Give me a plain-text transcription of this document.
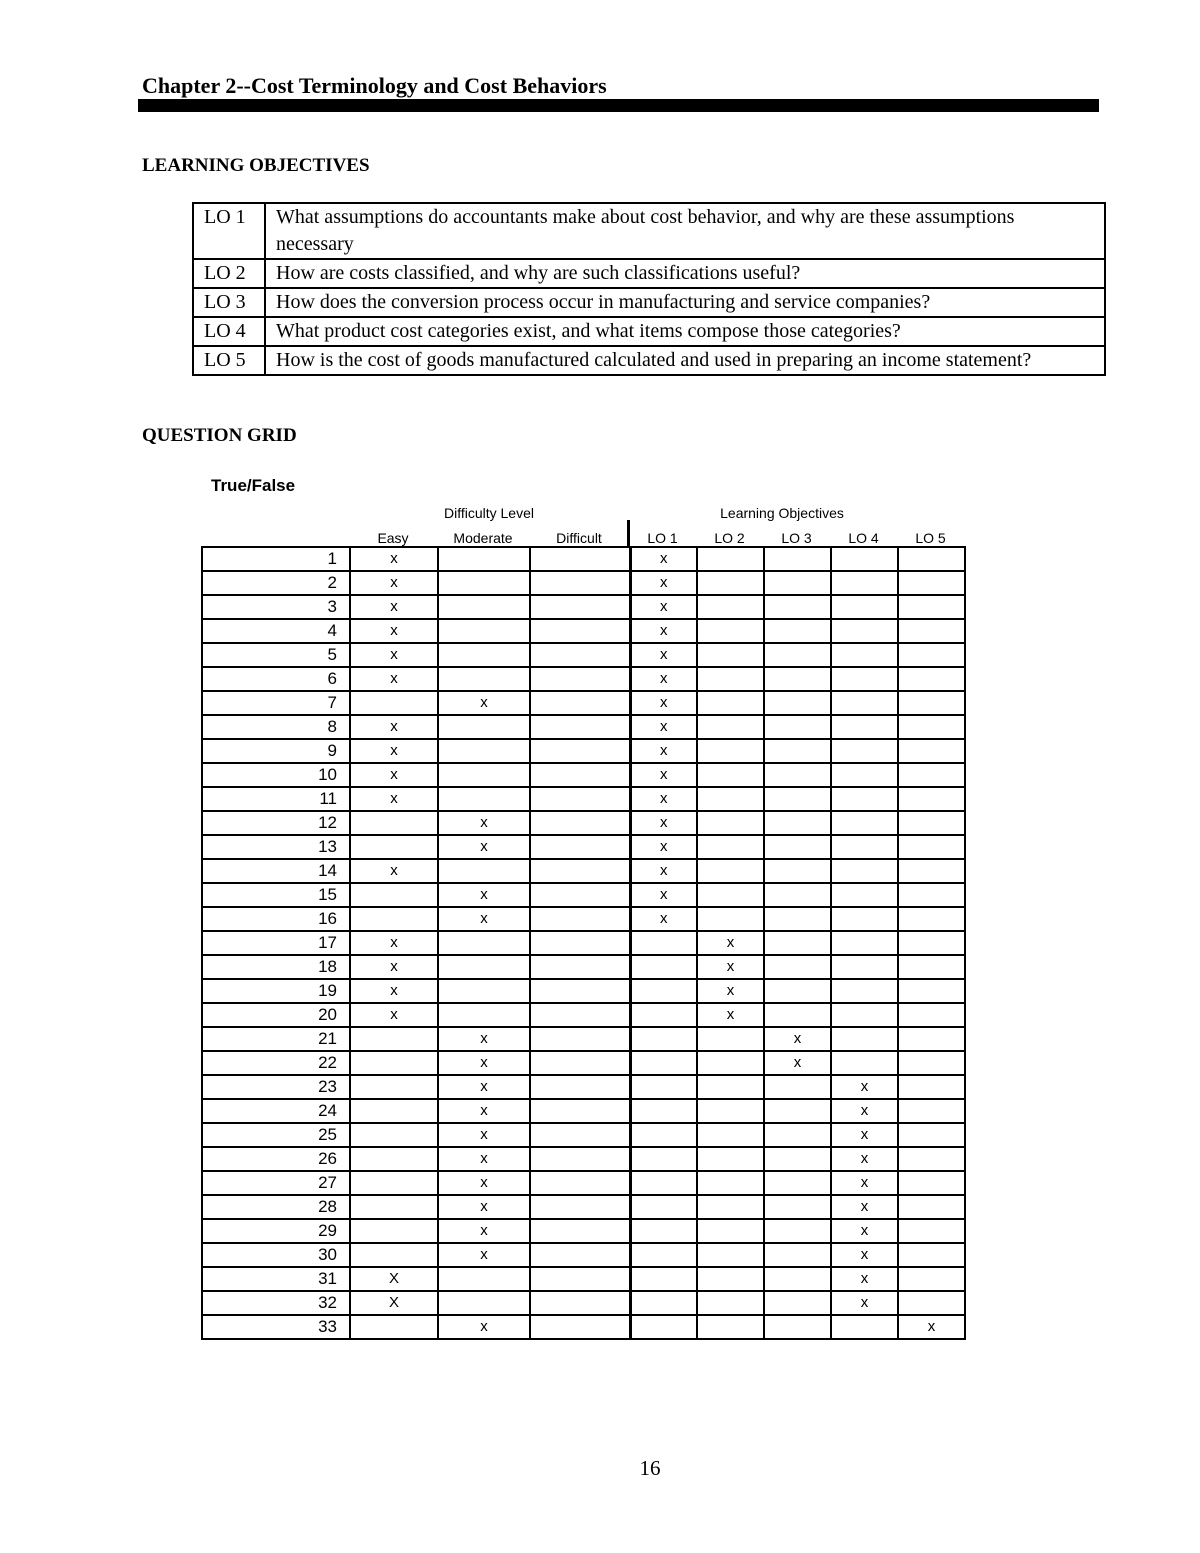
Chapter 2--Cost Terminology and Cost Behaviors
LEARNING OBJECTIVES
LO 1	What assumptions do accountants make about cost behavior, and why are these assumptions necessary
LO 2	How are costs classified, and why are such classifications useful?
LO 3	How does the conversion process occur in manufacturing and service companies?
LO 4	What product cost categories exist, and what items compose those categories?
LO 5	How is the cost of goods manufactured calculated and used in preparing an income statement?
QUESTION GRID
True/False
Difficulty Level	Learning Objectives
Easy	Moderate	Difficult	LO 1	LO 2	LO 3	LO 4	LO 5
1	x			x				
2	x			x				
3	x			x				
4	x			x				
5	x			x				
6	x			x				
7		x		x				
8	x			x				
9	x			x				
10	x			x				
11	x			x				
12		x		x				
13		x		x				
14	x			x				
15		x		x				
16		x		x				
17	x				x			
18	x				x			
19	x				x			
20	x				x			
21		x				x		
22		x				x		
23		x					x	
24		x					x	
25		x					x	
26		x					x	
27		x					x	
28		x					x	
29		x					x	
30		x					x	
31	X						x	
32	X						x	
33		x						x
16
